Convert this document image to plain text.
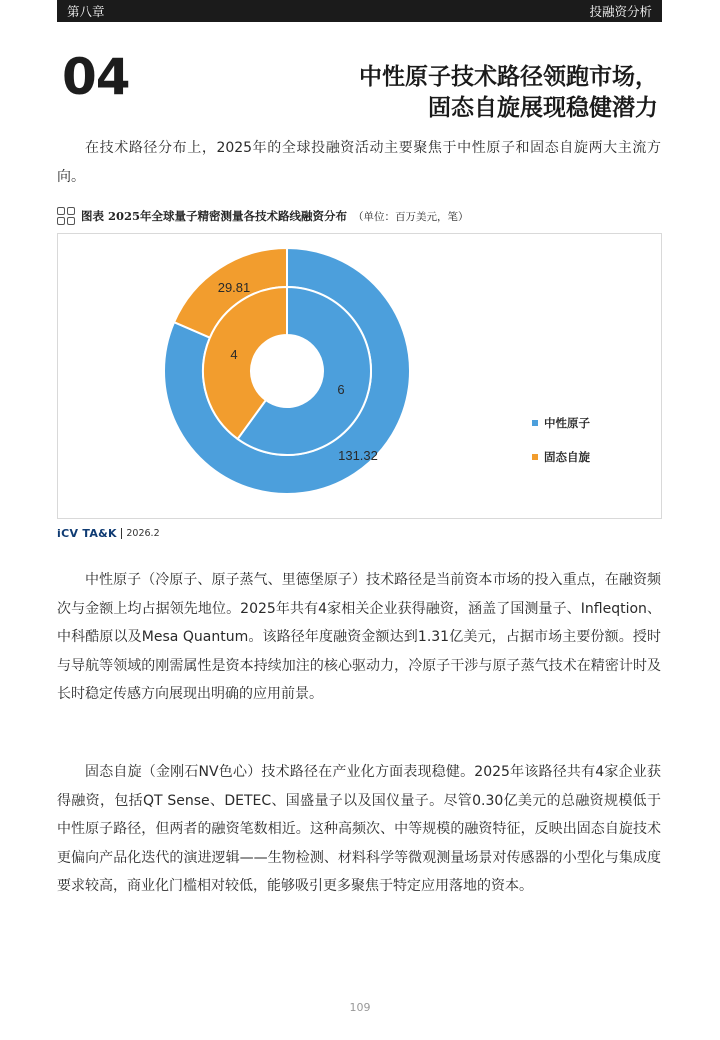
第八章	投融资分析
04	中性原子技术路径领跑市场，
固态自旋展现稳健潜力

在技术路径分布上，2025年的全球投融资活动主要聚焦于中性原子和固态自旋两大主流方向。

图表 2025年全球量子精密测量各技术路线融资分布 （单位：百万美元，笔）
131.32
29.81
6
4
中性原子
固态自旋
iCV TA&K 2026.2

中性原子（冷原子、原子蒸气、里德堡原子）技术路径是当前资本市场的投入重点，在融资频次与金额上均占据领先地位。2025年共有4家相关企业获得融资，涵盖了国测量子、Infleqtion、中科酷原以及Mesa Quantum。该路径年度融资金额达到1.31亿美元，占据市场主要份额。授时与导航等领域的刚需属性是资本持续加注的核心驱动力，冷原子干涉与原子蒸气技术在精密计时及长时稳定传感方向展现出明确的应用前景。

固态自旋（金刚石NV色心）技术路径在产业化方面表现稳健。2025年该路径共有4家企业获得融资，包括QT Sense、DETEC、国盛量子以及国仪量子。尽管0.30亿美元的总融资规模低于中性原子路径，但两者的融资笔数相近。这种高频次、中等规模的融资特征，反映出固态自旋技术更偏向产品化迭代的演进逻辑——生物检测、材料科学等微观测量场景对传感器的小型化与集成度要求较高，商业化门槛相对较低，能够吸引更多聚焦于特定应用落地的资本。

109
